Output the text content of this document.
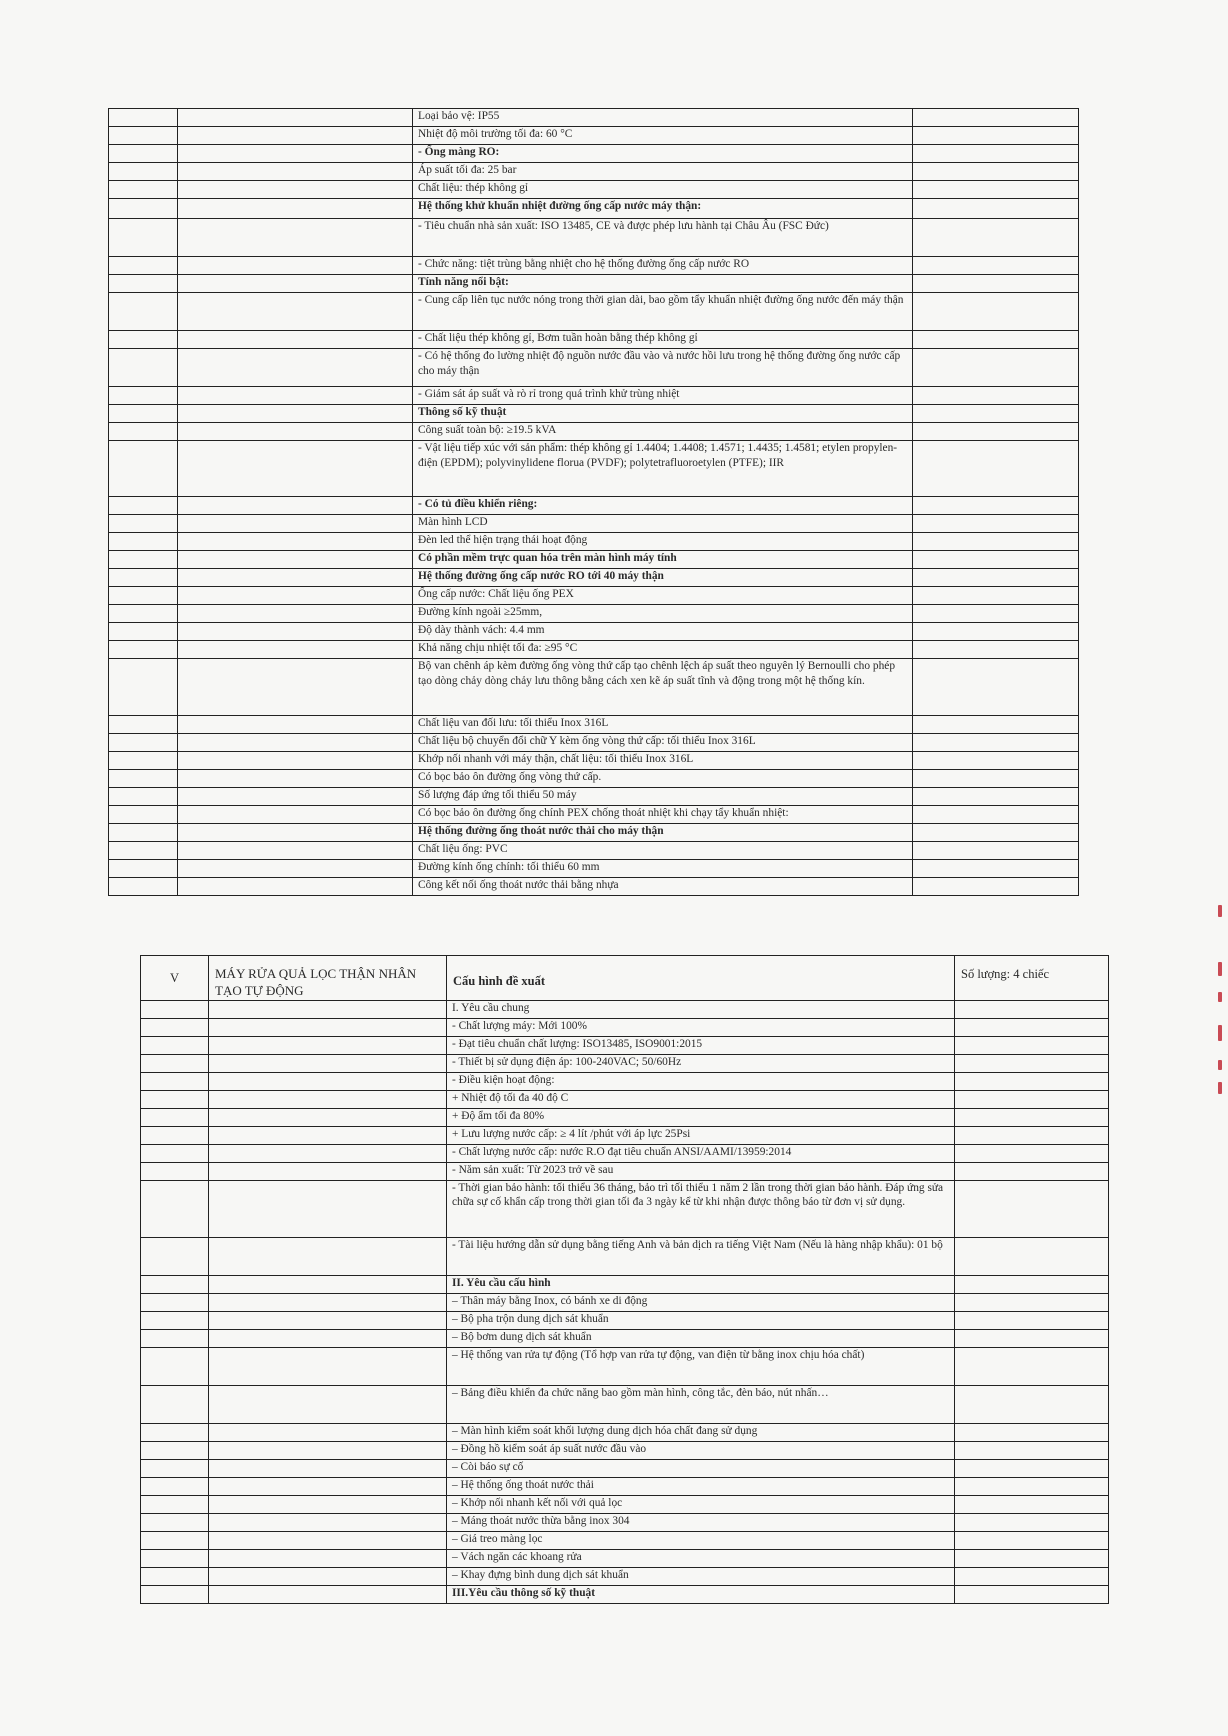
		Loại bảo vệ: IP55	
		Nhiệt độ môi trường tối đa: 60 °C	
		- Ống màng RO:	
		Áp suất tối đa: 25 bar	
		Chất liệu: thép không gỉ	
		Hệ thống khử khuẩn nhiệt đường ống cấp nước máy thận:	
		- Tiêu chuẩn nhà sản xuất: ISO 13485, CE và được phép lưu hành tại Châu Âu (FSC Đức)	
		- Chức năng: tiệt trùng bằng nhiệt cho hệ thống đường ống cấp nước RO	
		Tính năng nổi bật:	
		- Cung cấp liên tục nước nóng trong thời gian dài, bao gồm tẩy khuẩn nhiệt đường ống nước đến máy thận	
		- Chất liệu thép không gỉ, Bơm tuần hoàn bằng thép không gỉ	
		- Có hệ thống đo lường nhiệt độ nguồn nước đầu vào và nước hồi lưu trong hệ thống đường ống nước cấp cho máy thận	
		- Giám sát áp suất và rò rỉ trong quá trình khử trùng nhiệt	
		Thông số kỹ thuật	
		Công suất toàn bộ: ≥19.5 kVA	
		- Vật liệu tiếp xúc với sản phẩm: thép không gỉ 1.4404; 1.4408; 1.4571; 1.4435; 1.4581; etylen propylen- điện (EPDM); polyvinylidene florua (PVDF); polytetrafluoroetylen (PTFE); IIR	
		- Có tủ điều khiển riêng:	
		Màn hình LCD	
		Đèn led thể hiện trạng thái hoạt động	
		Có phần mềm trực quan hóa trên màn hình máy tính	
		Hệ thống đường ống cấp nước RO tới 40 máy thận	
		Ống cấp nước: Chất liệu ống PEX	
		Đường kính ngoài ≥25mm,	
		Độ dày thành vách: 4.4 mm	
		Khả năng chịu nhiệt tối đa: ≥95 °C	
		Bộ van chênh áp kèm đường ống vòng thứ cấp tạo chênh lệch áp suất theo nguyên lý Bernoulli cho phép tạo dòng chảy dòng chảy lưu thông bằng cách xen kẽ áp suất tĩnh và động trong một hệ thống kín.	
		Chất liệu van đối lưu: tối thiểu Inox 316L	
		Chất liệu bộ chuyển đổi chữ Y kèm ống vòng thứ cấp: tối thiểu Inox 316L	
		Khớp nối nhanh với máy thận, chất liệu: tối thiểu Inox 316L	
		Có bọc bảo ôn đường ống vòng thứ cấp.	
		Số lượng đáp ứng tối thiểu 50 máy	
		Có bọc bảo ôn đường ống chính PEX chống thoát nhiệt khi chạy tẩy khuẩn nhiệt:	
		Hệ thống đường ống thoát nước thải cho máy thận	
		Chất liệu ống: PVC	
		Đường kính ống chính: tối thiểu 60 mm	
		Công kết nối ống thoát nước thải bằng nhựa	
V	MÁY RỬA QUẢ LỌC THẬN NHÂN TẠO TỰ ĐỘNG	Cấu hình đề xuất	Số lượng: 4 chiếc
		I. Yêu cầu chung	
		- Chất lượng máy: Mới 100%	
		- Đạt tiêu chuẩn chất lượng: ISO13485, ISO9001:2015	
		- Thiết bị sử dụng điện áp: 100-240VAC; 50/60Hz	
		- Điều kiện hoạt động:	
		+ Nhiệt độ tối đa 40 độ C	
		+ Độ ẩm tối đa 80%	
		+ Lưu lượng nước cấp: ≥ 4 lít /phút với áp lực 25Psi	
		- Chất lượng nước cấp: nước R.O đạt tiêu chuẩn ANSI/AAMI/13959:2014	
		- Năm sản xuất: Từ 2023 trở về sau	
		- Thời gian bảo hành: tối thiểu 36 tháng, bảo trì tối thiểu 1 năm 2 lần trong thời gian bảo hành. Đáp ứng sửa chữa sự cố khẩn cấp trong thời gian tối đa 3 ngày kể từ khi nhận được thông báo từ đơn vị sử dụng.	
		- Tài liệu hướng dẫn sử dụng bằng tiếng Anh và bản dịch ra tiếng Việt Nam (Nếu là hàng nhập khẩu): 01 bộ	
		II. Yêu cầu cấu hình	
		– Thân máy bằng Inox, có bánh xe di động	
		– Bộ pha trộn dung dịch sát khuẩn	
		– Bộ bơm dung dịch sát khuẩn	
		– Hệ thống van rửa tự động (Tổ hợp van rửa tự động, van điện từ bằng inox chịu hóa chất)	
		– Bảng điều khiển đa chức năng bao gồm màn hình, công tắc, đèn báo, nút nhấn…	
		– Màn hình kiểm soát khối lượng dung dịch hóa chất đang sử dụng	
		– Đồng hồ kiểm soát áp suất nước đầu vào	
		– Còi báo sự cố	
		– Hệ thống ống thoát nước thải	
		– Khớp nối nhanh kết nối với quả lọc	
		– Máng thoát nước thừa bằng inox 304	
		– Giá treo màng lọc	
		– Vách ngăn các khoang rửa	
		– Khay đựng bình dung dịch sát khuẩn	
		III.Yêu cầu thông số kỹ thuật	
